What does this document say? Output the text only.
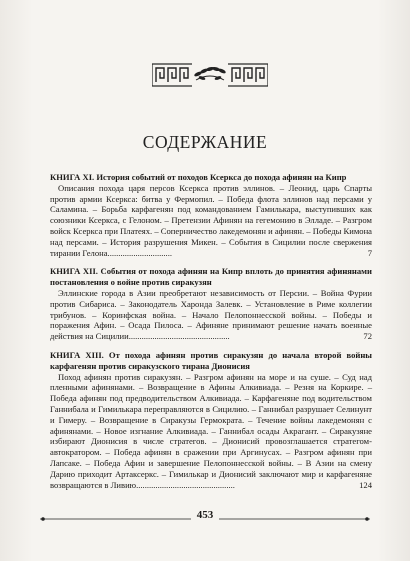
СОДЕРЖАНИЕ
КНИГА XI. История событий от походов Ксеркса до похода афинян на Кипр
Описания похода царя персов Ксеркса против эллинов. – Леонид, царь Спарты против армии Ксеркса: битва у Фермопил. – Победа флота эллинов над персами у Саламина. – Борьба карфагенян под командованием Гамилькара, выступивших как союзники Ксеркса, с Гелоном. – Претензии Афинян на гегемонию в Элладе. – Разгром войск Ксеркса при Платеях. – Соперничество лакедемонян и афинян. – Победы Кимона над персами. – История разрушения Микен. – События в Сицилии после свержения тирании Гелона..............................	7
КНИГА XII. События от похода афинян на Кипр вплоть до принятия афинянами постановления о войне против сиракузян
Эллинские города в Азии преобретают независимость от Персии. – Война Фурии против Сибариса. – Законодатель Харонда Залевк. – Установление в Риме коллегии трибунов. – Коринфская война. – Начало Пелопоннесской войны. – Победы и поражения Афин. – Осада Пилоса. – Афиняне принимают решение начать военные действия на Сицилии...............................................	72
КНИГА XIII. От похода афинян против сиракузян до начала второй войны карфагенян против сиракузского тирана Дионисия
Поход афинян против сиракузян. – Разгром афинян на море и на суше. – Суд над пленными афинянами. – Возвращение в Афины Алкивиада. – Резня на Коркире. – Победа афинян под предводительством Алкивиада. – Карфагеняне под водительством Ганнибала и Гимилькара переправляются в Сицилию. – Ганнибал разрушает Селинунт и Гимеру. – Возвращение в Сиракузы Гермократа. – Течение войны лакедемонян с афинянами. – Новое изгнание Алкивиада. – Ганнибал осады Акрагант. – Сиракузяне избирают Дионисия в числе стратегов. – Дионисий провозглашается стратегом-автократором. – Победа афинян в сражении при Аргинусах. – Разгром афинян при Лапсаке. – Победа Афин и завершение Пелопоннесской войны. – В Азии на смену Дарию приходит Артаксеркс. – Гимилькар и Дионисий заключают мир и карфагеняне возвращаются в Ливию..............................................	124
453
